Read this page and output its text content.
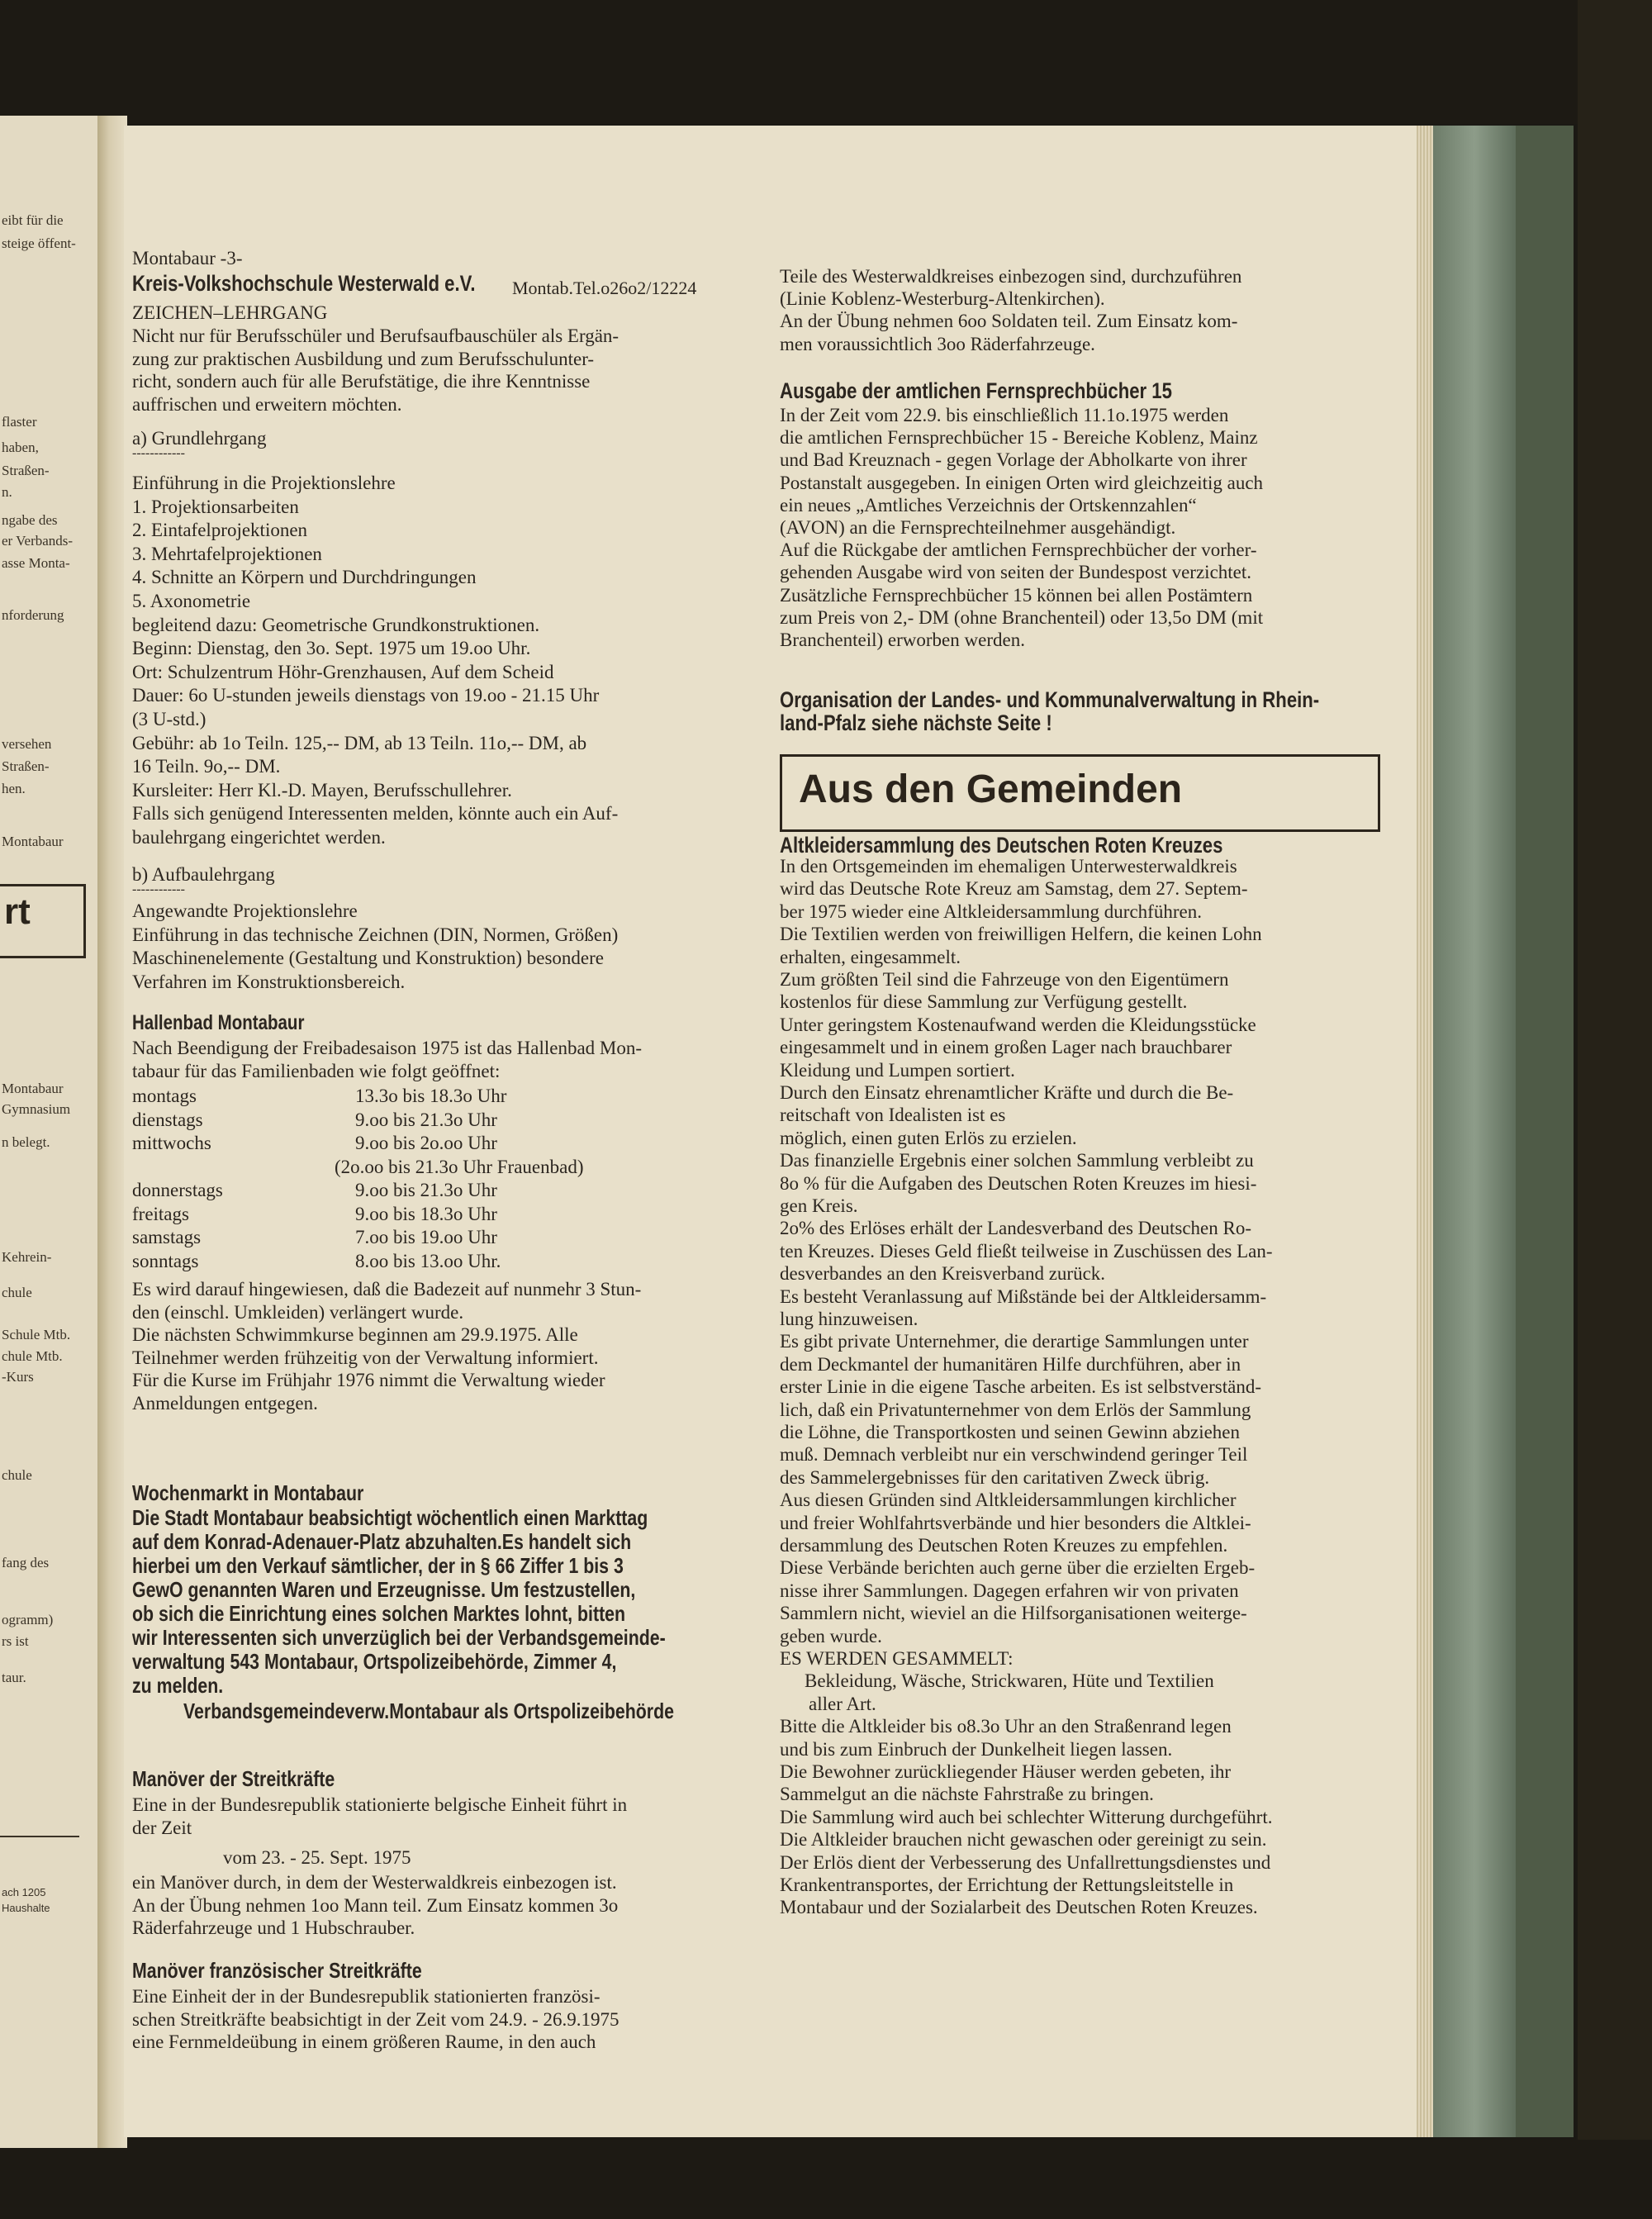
rt
eibt für die
steige öffent-
flaster
haben,
Straßen-
n.
ngabe des
er Verbands-
asse Monta-
nforderung
versehen
Straßen-
hen.
Montabaur
Montabaur
Gymnasium
n belegt.
Kehrein-
chule
Schule Mtb.
chule Mtb.
-Kurs
chule
fang des
ogramm)
rs ist
taur.
ach 1205
Haushalte
Montabaur -3-
Kreis-Volkshochschule Westerwald e.V. Montab.Tel.o26o2/12224
ZEICHEN–LEHRGANG
Nicht nur für Berufsschüler und Berufsaufbauschüler als Ergän-
zung zur praktischen Ausbildung und zum Berufsschulunter-
richt, sondern auch für alle Berufstätige, die ihre Kenntnisse
auffrischen und erweitern möchten.
a) Grundlehrgang
------------
Einführung in die Projektionslehre
1. Projektionsarbeiten
2. Eintafelprojektionen
3. Mehrtafelprojektionen
4. Schnitte an Körpern und Durchdringungen
5. Axonometrie
begleitend dazu: Geometrische Grundkonstruktionen.
Beginn: Dienstag, den 3o. Sept. 1975 um 19.oo Uhr.
Ort: Schulzentrum Höhr-Grenzhausen, Auf dem Scheid
Dauer: 6o U-stunden jeweils dienstags von 19.oo - 21.15 Uhr
(3 U-std.)
Gebühr: ab 1o Teiln. 125,-- DM, ab 13 Teiln. 11o,-- DM, ab
16 Teiln. 9o,-- DM.
Kursleiter: Herr Kl.-D. Mayen, Berufsschullehrer.
Falls sich genügend Interessenten melden, könnte auch ein Auf-
baulehrgang eingerichtet werden.
b) Aufbaulehrgang
------------
Angewandte Projektionslehre
Einführung in das technische Zeichnen (DIN, Normen, Größen)
Maschinenelemente (Gestaltung und Konstruktion) besondere
Verfahren im Konstruktionsbereich.
Hallenbad Montabaur
Nach Beendigung der Freibadesaison 1975 ist das Hallenbad Mon-
tabaur für das Familienbaden wie folgt geöffnet:
montags	13.3o bis 18.3o Uhr
dienstags	9.oo bis 21.3o Uhr
mittwochs	9.oo bis 2o.oo Uhr
(2o.oo bis 21.3o Uhr Frauenbad)
donnerstags	9.oo bis 21.3o Uhr
freitags	9.oo bis 18.3o Uhr
samstags	7.oo bis 19.oo Uhr
sonntags	8.oo bis 13.oo Uhr.
Es wird darauf hingewiesen, daß die Badezeit auf nunmehr 3 Stun-
den (einschl. Umkleiden) verlängert wurde.
Die nächsten Schwimmkurse beginnen am 29.9.1975. Alle
Teilnehmer werden frühzeitig von der Verwaltung informiert.
Für die Kurse im Frühjahr 1976 nimmt die Verwaltung wieder
Anmeldungen entgegen.
Wochenmarkt in Montabaur
Die Stadt Montabaur beabsichtigt wöchentlich einen Markttag
auf dem Konrad-Adenauer-Platz abzuhalten.Es handelt sich
hierbei um den Verkauf sämtlicher, der in § 66 Ziffer 1 bis 3
GewO genannten Waren und Erzeugnisse. Um festzustellen,
ob sich die Einrichtung eines solchen Marktes lohnt, bitten
wir Interessenten sich unverzüglich bei der Verbandsgemeinde-
verwaltung 543 Montabaur, Ortspolizeibehörde, Zimmer 4,
zu melden.
Verbandsgemeindeverw.Montabaur als Ortspolizeibehörde
Manöver der Streitkräfte
Eine in der Bundesrepublik stationierte belgische Einheit führt in
der Zeit
vom 23. - 25. Sept. 1975
ein Manöver durch, in dem der Westerwaldkreis einbezogen ist.
An der Übung nehmen 1oo Mann teil. Zum Einsatz kommen 3o
Räderfahrzeuge und 1 Hubschrauber.
Manöver französischer Streitkräfte
Eine Einheit der in der Bundesrepublik stationierten französi-
schen Streitkräfte beabsichtigt in der Zeit vom 24.9. - 26.9.1975
eine Fernmeldeübung in einem größeren Raume, in den auch
Teile des Westerwaldkreises einbezogen sind, durchzuführen
(Linie Koblenz-Westerburg-Altenkirchen).
An der Übung nehmen 6oo Soldaten teil. Zum Einsatz kom-
men voraussichtlich 3oo Räderfahrzeuge.
Ausgabe der amtlichen Fernsprechbücher 15
In der Zeit vom 22.9. bis einschließlich 11.1o.1975 werden
die amtlichen Fernsprechbücher 15 - Bereiche Koblenz, Mainz
und Bad Kreuznach - gegen Vorlage der Abholkarte von ihrer
Postanstalt ausgegeben. In einigen Orten wird gleichzeitig auch
ein neues „Amtliches Verzeichnis der Ortskennzahlen“
(AVON) an die Fernsprechteilnehmer ausgehändigt.
Auf die Rückgabe der amtlichen Fernsprechbücher der vorher-
gehenden Ausgabe wird von seiten der Bundespost verzichtet.
Zusätzliche Fernsprechbücher 15 können bei allen Postämtern
zum Preis von 2,- DM (ohne Branchenteil) oder 13,5o DM (mit
Branchenteil) erworben werden.
Organisation der Landes- und Kommunalverwaltung in Rhein-
land-Pfalz siehe nächste Seite !
Altkleidersammlung des Deutschen Roten Kreuzes
In den Ortsgemeinden im ehemaligen Unterwesterwaldkreis
wird das Deutsche Rote Kreuz am Samstag, dem 27. Septem-
ber 1975 wieder eine Altkleidersammlung durchführen.
Die Textilien werden von freiwilligen Helfern, die keinen Lohn
erhalten, eingesammelt.
Zum größten Teil sind die Fahrzeuge von den Eigentümern
kostenlos für diese Sammlung zur Verfügung gestellt.
Unter geringstem Kostenaufwand werden die Kleidungsstücke
eingesammelt und in einem großen Lager nach brauchbarer
Kleidung und Lumpen sortiert.
Durch den Einsatz ehrenamtlicher Kräfte und durch die Be-
reitschaft von Idealisten ist es
möglich, einen guten Erlös zu erzielen.
Das finanzielle Ergebnis einer solchen Sammlung verbleibt zu
8o % für die Aufgaben des Deutschen Roten Kreuzes im hiesi-
gen Kreis.
2o% des Erlöses erhält der Landesverband des Deutschen Ro-
ten Kreuzes. Dieses Geld fließt teilweise in Zuschüssen des Lan-
desverbandes an den Kreisverband zurück.
Es besteht Veranlassung auf Mißstände bei der Altkleidersamm-
lung hinzuweisen.
Es gibt private Unternehmer, die derartige Sammlungen unter
dem Deckmantel der humanitären Hilfe durchführen, aber in
erster Linie in die eigene Tasche arbeiten. Es ist selbstverständ-
lich, daß ein Privatunternehmer von dem Erlös der Sammlung
die Löhne, die Transportkosten und seinen Gewinn abziehen
muß. Demnach verbleibt nur ein verschwindend geringer Teil
des Sammelergebnisses für den caritativen Zweck übrig.
Aus diesen Gründen sind Altkleidersammlungen kirchlicher
und freier Wohlfahrtsverbände und hier besonders die Altklei-
dersammlung des Deutschen Roten Kreuzes zu empfehlen.
Diese Verbände berichten auch gerne über die erzielten Ergeb-
nisse ihrer Sammlungen. Dagegen erfahren wir von privaten
Sammlern nicht, wieviel an die Hilfsorganisationen weiterge-
geben wurde.
ES WERDEN GESAMMELT:
Bekleidung, Wäsche, Strickwaren, Hüte und Textilien
aller Art.
Bitte die Altkleider bis o8.3o Uhr an den Straßenrand legen
und bis zum Einbruch der Dunkelheit liegen lassen.
Die Bewohner zurückliegender Häuser werden gebeten, ihr
Sammelgut an die nächste Fahrstraße zu bringen.
Die Sammlung wird auch bei schlechter Witterung durchgeführt.
Die Altkleider brauchen nicht gewaschen oder gereinigt zu sein.
Der Erlös dient der Verbesserung des Unfallrettungsdienstes und
Krankentransportes, der Errichtung der Rettungsleitstelle in
Montabaur und der Sozialarbeit des Deutschen Roten Kreuzes.
Aus den Gemeinden
